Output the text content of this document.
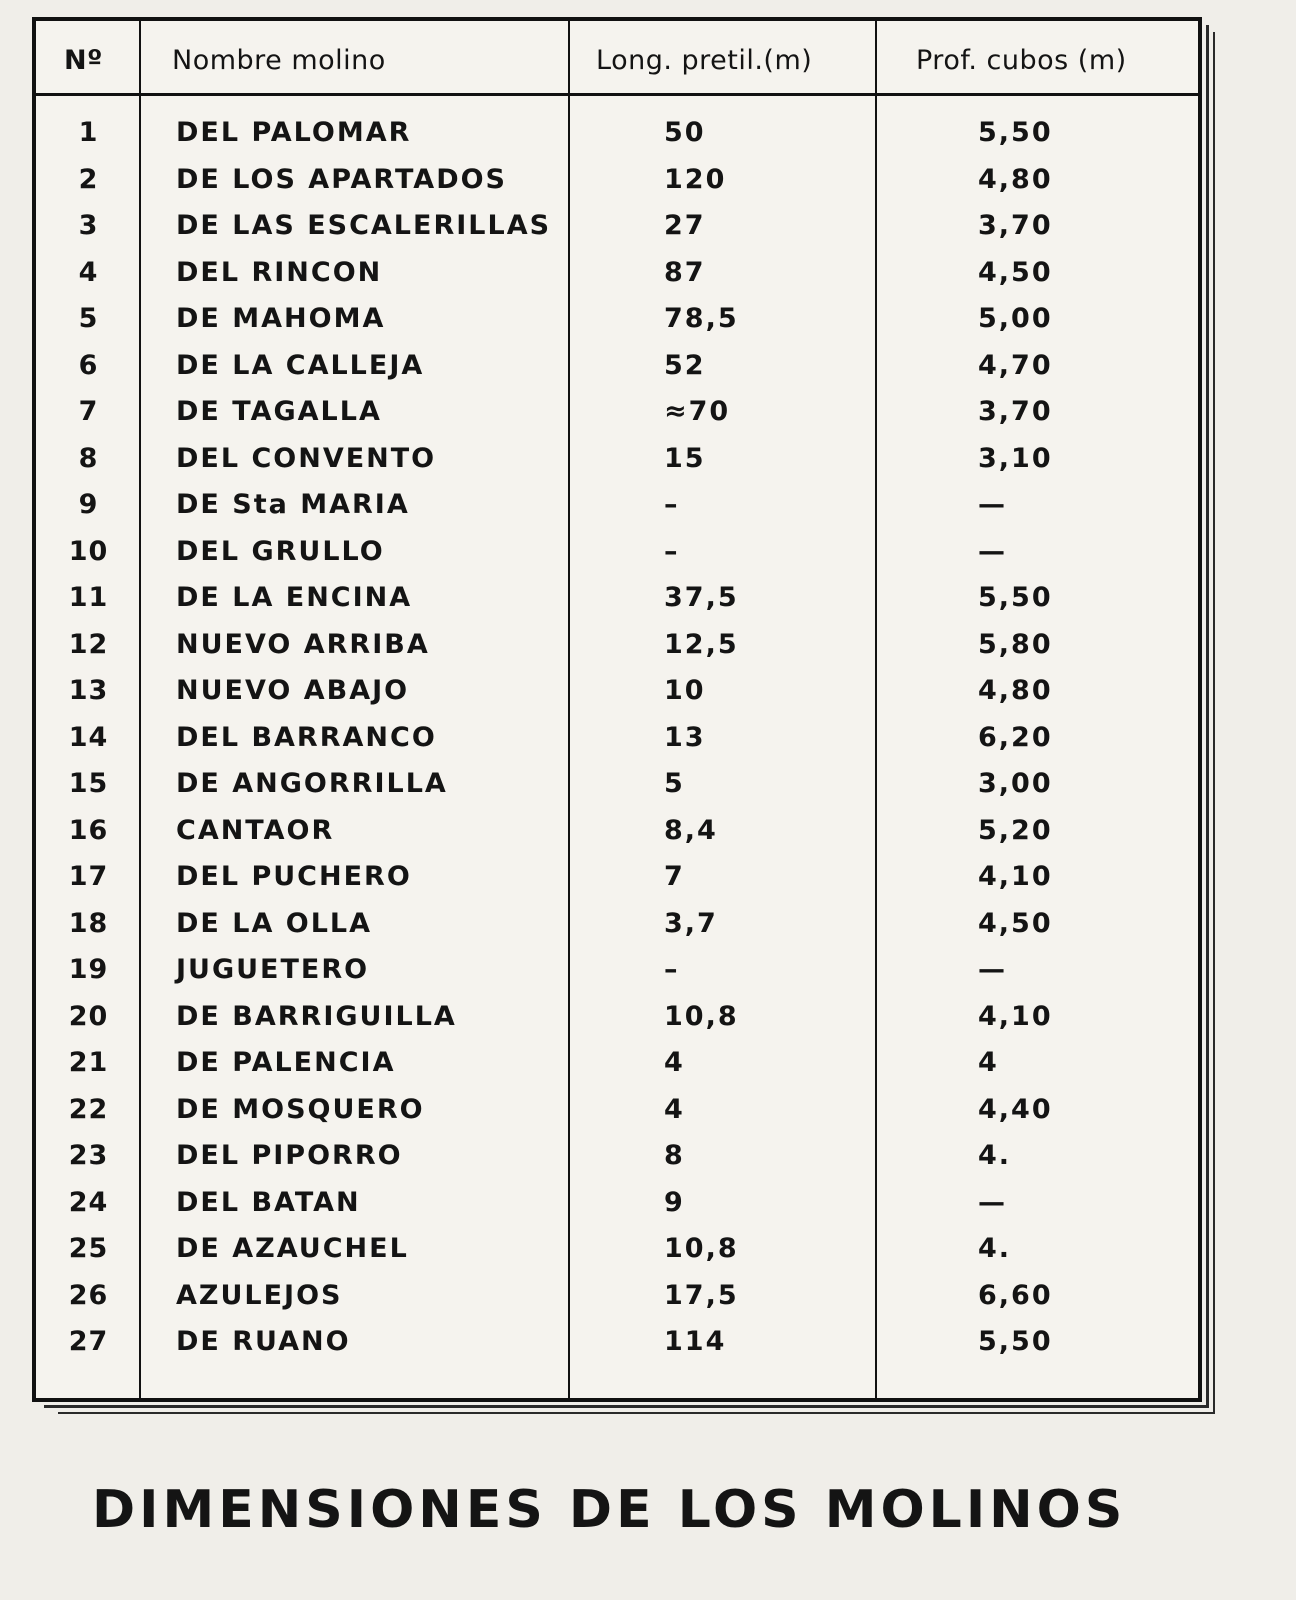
Nº	Nombre molino	Long. pretil.(m)	Prof. cubos (m)
1	DEL PALOMAR	50	5,50
2	DE LOS APARTADOS	120	4,80
3	DE LAS ESCALERILLAS	27	3,70
4	DEL RINCON	87	4,50
5	DE MAHOMA	78,5	5,00
6	DE LA CALLEJA	52	4,70
7	DE TAGALLA	≈70	3,70
8	DEL CONVENTO	15	3,10
9	DE Sta MARIA	–	—
10	DEL GRULLO	–	—
11	DE LA ENCINA	37,5	5,50
12	NUEVO ARRIBA	12,5	5,80
13	NUEVO ABAJO	10	4,80
14	DEL BARRANCO	13	6,20
15	DE ANGORRILLA	5	3,00
16	CANTAOR	8,4	5,20
17	DEL PUCHERO	7	4,10
18	DE LA OLLA	3,7	4,50
19	JUGUETERO	–	—
20	DE BARRIGUILLA	10,8	4,10
21	DE PALENCIA	4	4
22	DE MOSQUERO	4	4,40
23	DEL PIPORRO	8	4.
24	DEL BATAN	9	—
25	DE AZAUCHEL	10,8	4.
26	AZULEJOS	17,5	6,60
27	DE RUANO	114	5,50
DIMENSIONES DE LOS MOLINOS
